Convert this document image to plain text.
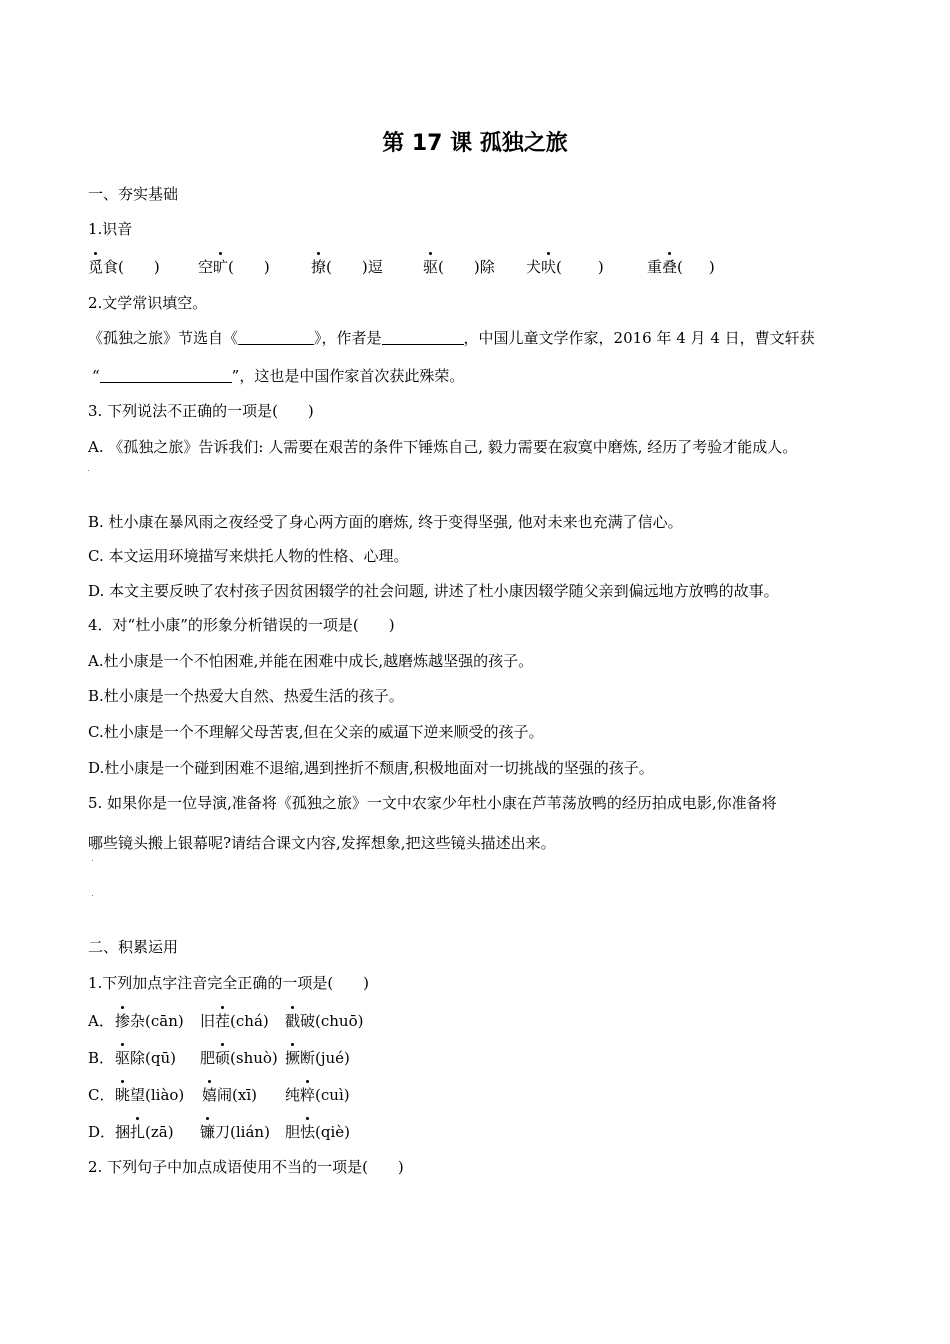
第 17 课 孤独之旅
一、夯实基础
1.识音
觅食( )	空旷( )	撩( )逗	驱( )除 犬吠( )	重叠( )
2.文学常识填空。
《孤独之旅》节选自《	》，作者是	，中国儿童文学作家，2016 年 4 月 4 日，曹文轩获
“	”，这也是中国作家首次获此殊荣。
3. 下列说法不正确的一项是(　　)
A. 《孤独之旅》告诉我们: 人需要在艰苦的条件下锤炼自己, 毅力需要在寂寞中磨炼, 经历了考验才能成人。
B. 杜小康在暴风雨之夜经受了身心两方面的磨炼, 终于变得坚强, 他对未来也充满了信心。
C. 本文运用环境描写来烘托人物的性格、心理。
D. 本文主要反映了农村孩子因贫困辍学的社会问题, 讲述了杜小康因辍学随父亲到偏远地方放鸭的故事。
4．对“杜小康”的形象分析错误的一项是(　　)
A.杜小康是一个不怕困难,并能在困难中成长,越磨炼越坚强的孩子。
B.杜小康是一个热爱大自然、热爱生活的孩子。
C.杜小康是一个不理解父母苦衷,但在父亲的威逼下逆来顺受的孩子。
D.杜小康是一个碰到困难不退缩,遇到挫折不颓唐,积极地面对一切挑战的坚强的孩子。
5. 如果你是一位导演,准备将《孤独之旅》一文中农家少年杜小康在芦苇荡放鸭的经历拍成电影,你准备将
哪些镜头搬上银幕呢?请结合课文内容,发挥想象,把这些镜头描述出来。
二、积累运用
1.下列加点字注音完全正确的一项是(　　)
A． 掺杂(cān) 旧茬(chá) 戳破(chuō)
B． 驱除(qū) 肥硕(shuò) 撅断(jué)
C． 眺望(liào) 嬉闹(xī) 纯粹(cuì)
D． 捆扎(zā) 镰刀(lián) 胆怯(qiè)
2. 下列句子中加点成语使用不当的一项是(　　)
